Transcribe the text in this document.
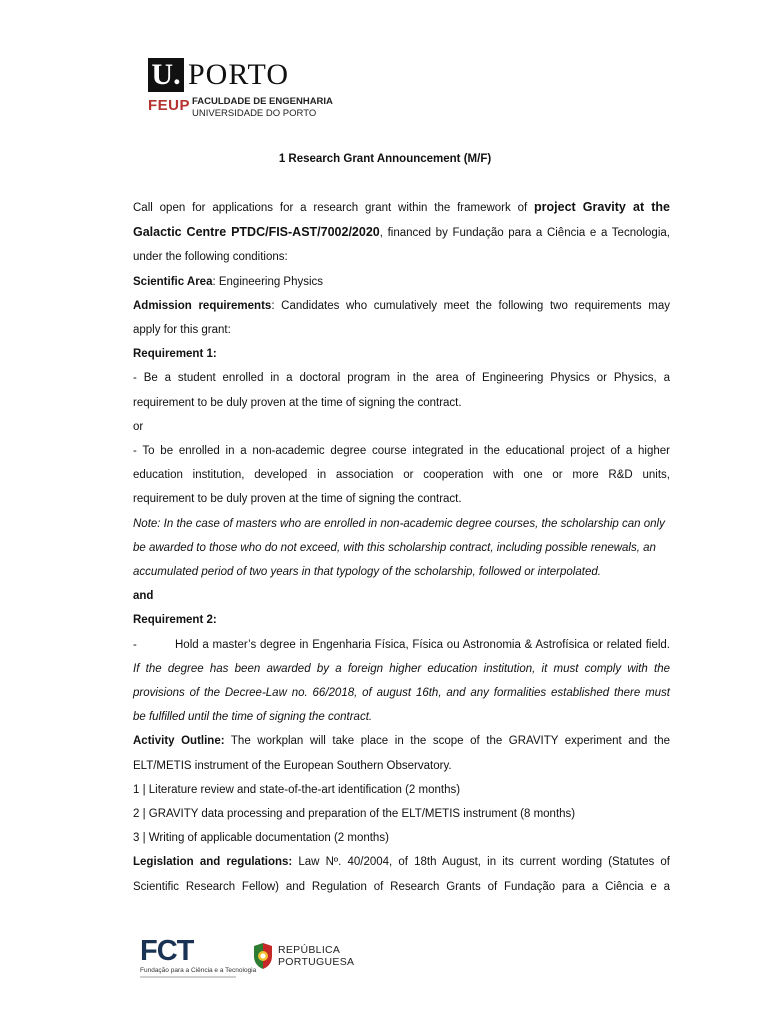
U. PORTO
FEUP FACULDADE DE ENGENHARIA
UNIVERSIDADE DO PORTO
1 Research Grant Announcement (M/F)
Call open for applications for a research grant within the framework of project Gravity at the
Galactic Centre PTDC/FIS-AST/7002/2020, financed by Fundação para a Ciência e a Tecnologia,
under the following conditions:
Scientific Area: Engineering Physics
Admission requirements: Candidates who cumulatively meet the following two requirements may
apply for this grant:
Requirement 1:
- Be a student enrolled in a doctoral program in the area of Engineering Physics or Physics, a
requirement to be duly proven at the time of signing the contract.
or
- To be enrolled in a non-academic degree course integrated in the educational project of a higher
education institution, developed in association or cooperation with one or more R&D units,
requirement to be duly proven at the time of signing the contract.
Note: In the case of masters who are enrolled in non-academic degree courses, the scholarship can only
be awarded to those who do not exceed, with this scholarship contract, including possible renewals, an
accumulated period of two years in that typology of the scholarship, followed or interpolated.
and
Requirement 2:
-	Hold a master’s degree in Engenharia Física, Física ou Astronomia & Astrofísica or related field.
If the degree has been awarded by a foreign higher education institution, it must comply with the
provisions of the Decree-Law no. 66/2018, of august 16th, and any formalities established there must
be fulfilled until the time of signing the contract.
Activity Outline: The workplan will take place in the scope of the GRAVITY experiment and the
ELT/METIS instrument of the European Southern Observatory.
1 | Literature review and state-of-the-art identification (2 months)
2 | GRAVITY data processing and preparation of the ELT/METIS instrument (8 months)
3 | Writing of applicable documentation (2 months)
Legislation and regulations: Law Nº. 40/2004, of 18th August, in its current wording (Statutes of
Scientific Research Fellow) and Regulation of Research Grants of Fundação para a Ciência e a
FCT
Fundação para a Ciência e a Tecnologia
REPÚBLICA
PORTUGUESA
